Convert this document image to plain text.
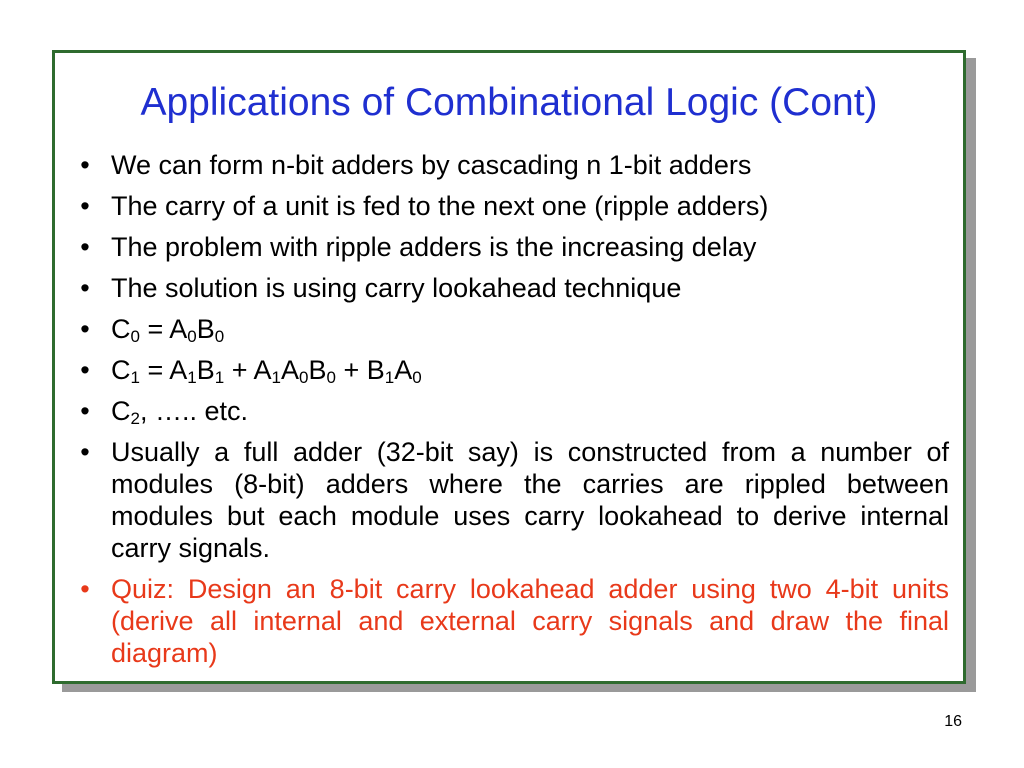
Applications of Combinational Logic (Cont)
• We can form n-bit adders by cascading n 1-bit adders
• The carry of a unit is fed to the next one (ripple adders)
• The problem with ripple adders is the increasing delay
• The solution is using carry lookahead technique
• $C_0 = A_0B_0$
• $C_1 = A_1B_1 + A_1A_0B_0 + B_1A_0$
• $C_2$, ….. etc.
• Usually a full adder (32-bit say) is constructed from a number of modules (8-bit) adders where the carries are rippled between modules but each module uses carry lookahead to derive internal carry signals.
• Quiz: Design an 8-bit carry lookahead adder using two 4-bit units (derive all internal and external carry signals and draw the final diagram)
16
